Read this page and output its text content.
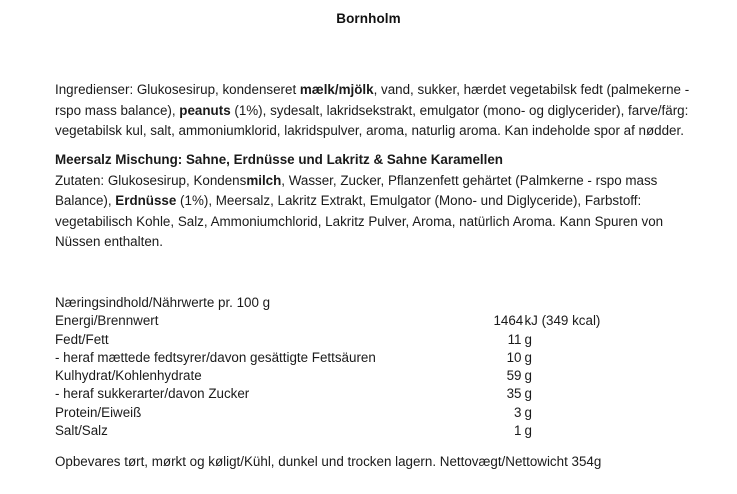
Bornholm

Ingredienser: Glukosesirup, kondenseret mælk/mjölk, vand, sukker, hærdet vegetabilsk fedt (palmekerne - rspo mass balance), peanuts (1%), sydesalt, lakridsekstrakt, emulgator (mono- og diglycerider), farve/färg: vegetabilsk kul, salt, ammoniumklorid, lakridspulver, aroma, naturlig aroma. Kan indeholde spor af nødder.

Meersalz Mischung: Sahne, Erdnüsse und Lakritz & Sahne Karamellen
Zutaten: Glukosesirup, Kondensmilch, Wasser, Zucker, Pflanzenfett gehärtet (Palmkerne - rspo mass Balance), Erdnüsse (1%), Meersalz, Lakritz Extrakt, Emulgator (Mono- und Diglyceride), Farbstoff: vegetabilisch Kohle, Salz, Ammoniumchlorid, Lakritz Pulver, Aroma, natürlich Aroma. Kann Spuren von Nüssen enthalten.
Næringsindhold/Nährwerte pr. 100 g
Energi/Brennwert	1464kJ (349 kcal)
Fedt/Fett	11 g
- heraf mættede fedtsyrer/davon gesättigte Fettsäuren	10 g
Kulhydrat/Kohlenhydrate	59 g
- heraf sukkerarter/davon Zucker	35 g
Protein/Eiweiß	3 g
Salt/Salz	1 g
Opbevares tørt, mørkt og køligt/Kühl, dunkel und trocken lagern. Nettovægt/Nettowicht 354g
